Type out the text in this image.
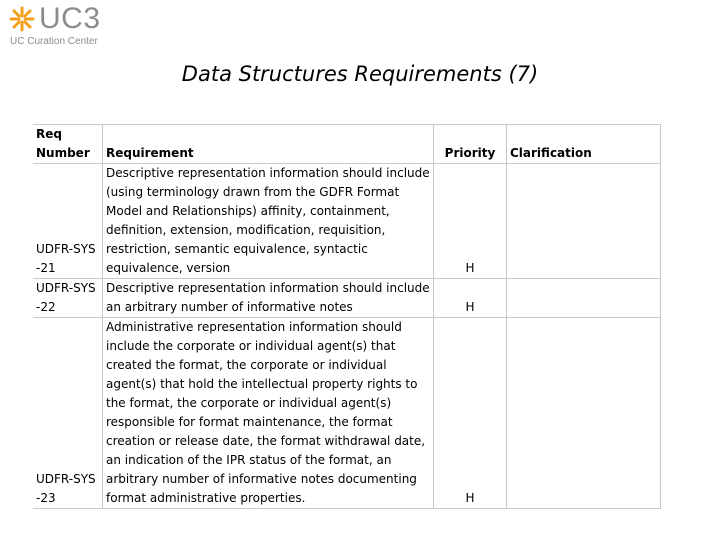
UC3
UC Curation Center
Data Structures Requirements (7)
Req
Number	Requirement	Priority	Clarification
UDFR-SYS
-21	Descriptive representation information should include (using terminology drawn from the GDFR Format Model and Relationships) affinity, containment, definition, extension, modification, requisition, restriction, semantic equivalence, syntactic equivalence, version	H	
UDFR-SYS
-22	Descriptive representation information should include an arbitrary number of informative notes	H	
UDFR-SYS
-23	Administrative representation information should include the corporate or individual agent(s) that created the format, the corporate or individual agent(s) that hold the intellectual property rights to the format, the corporate or individual agent(s) responsible for format maintenance, the format creation or release date, the format withdrawal date, an indication of the IPR status of the format, an arbitrary number of informative notes documenting format administrative properties.	H	
